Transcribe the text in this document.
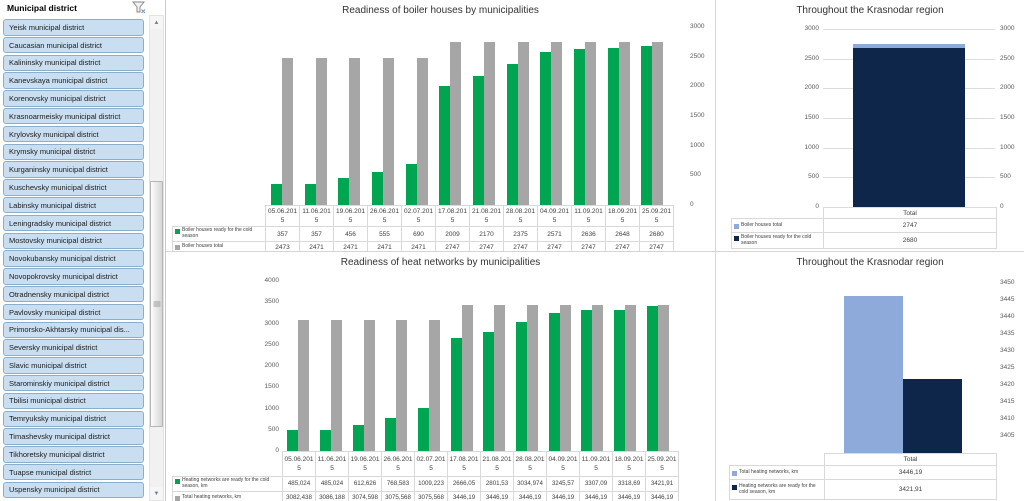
Municipal district
Yeisk municipal district
Caucasian municipal district
Kalininsky municipal district
Kanevskaya municipal district
Korenovsky municipal district
Krasnoarmeisky municipal district
Krylovsky municipal district
Krymsky municipal district
Kurganinsky municipal district
Kuschevsky municipal district
Labinsky municipal district
Leningradsky municipal district
Mostovsky municipal district
Novokubansky municipal district
Novopokrovsky municipal district
Otradnensky municipal district
Pavlovsky municipal district
Primorsko-Akhtarsky municipal dis...
Seversky municipal district
Slavic municipal district
Starominskiy municipal district
Tbilisi municipal district
Temryuksky municipal district
Timashevsky municipal district
Tikhoretsky municipal district
Tuapse municipal district
Uspensky municipal district
▲
▼
Readiness of boiler houses by municipalities
3000
2500
2000
1500
1000
500
0
	05.06.2015	11.06.2015	19.06.2015	26.06.2015	02.07.2015	17.08.2015	21.08.2015	28.08.2015	04.09.2015	11.09.2015	18.09.2015	25.09.2015

Boiler houses ready for the cold season	357	357	456	555	690	2009	2170	2375	2571	2636	2648	2680

Boiler houses total	2473	2471	2471	2471	2471	2747	2747	2747	2747	2747	2747	2747
Throughout the Krasnodar region
3000
2500
2000
1500
1000
500
0
3000
2500
2000
1500
1000
500
0
	Total

Boiler houses total	2747

Boiler houses ready for the cold season	2680
Readiness of heat networks by municipalities
4000
3500
3000
2500
2000
1500
1000
500
0
	05.06.2015	11.06.2015	19.06.2015	26.06.2015	02.07.2015	17.08.2015	21.08.2015	28.08.2015	04.09.2015	11.09.2015	18.09.2015	25.09.2015

Heating networks are ready for the cold season, km	485,024	485,024	612,626	768,583	1009,223	2666,05	2801,53	3034,974	3245,57	3307,09	3318,69	3421,91

Total heating networks, km	3082,438	3086,188	3074,598	3075,568	3075,568	3446,19	3446,19	3446,19	3446,19	3446,19	3446,19	3446,19
Throughout the Krasnodar region
3450
3445
3440
3435
3430
3425
3420
3415
3410
3405
	Total

Total heating networks, km	3446,19

Heating networks are ready for the cold season, km	3421,91
